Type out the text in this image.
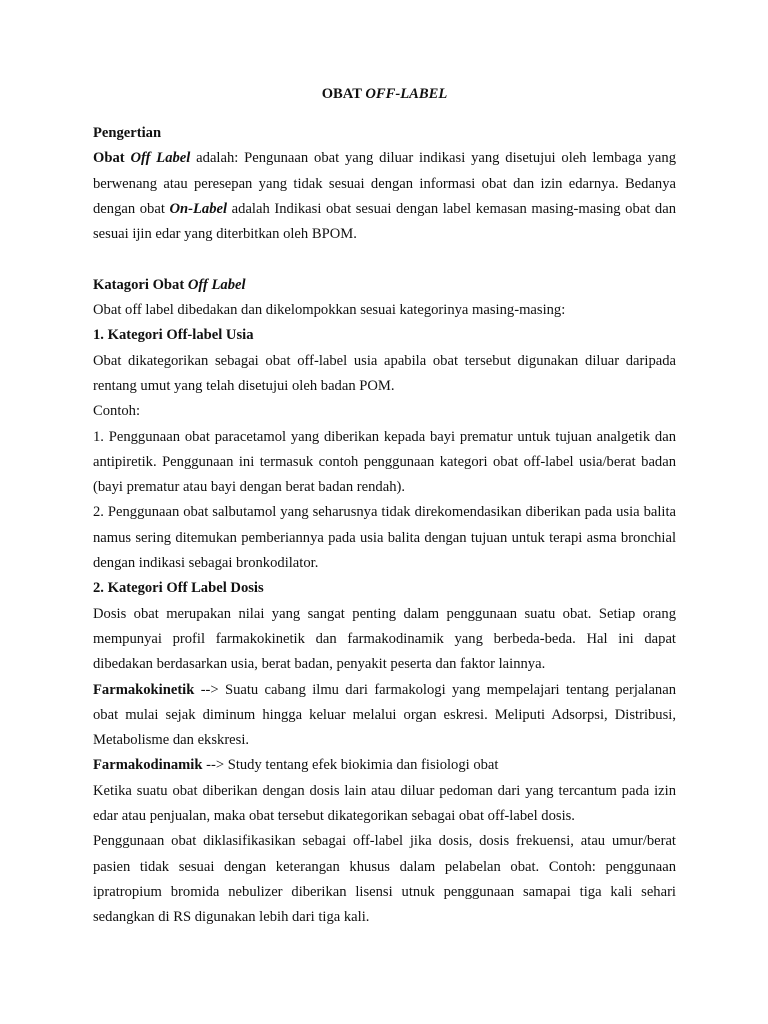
OBAT OFF-LABEL

Pengertian

Obat Off Label adalah: Pengunaan obat yang diluar indikasi yang disetujui oleh lembaga yang berwenang atau peresepan yang tidak sesuai dengan informasi obat dan izin edarnya. Bedanya dengan obat On-Label adalah Indikasi obat sesuai dengan label kemasan masing-masing obat dan sesuai ijin edar yang diterbitkan oleh BPOM.

Katagori Obat Off Label

Obat off label dibedakan dan dikelompokkan sesuai kategorinya masing-masing:

1. Kategori Off-label Usia

Obat dikategorikan sebagai obat off-label usia apabila obat tersebut digunakan diluar daripada rentang umut yang telah disetujui oleh badan POM.

Contoh:

1. Penggunaan obat paracetamol yang diberikan kepada bayi prematur untuk tujuan analgetik dan antipiretik. Penggunaan ini termasuk contoh penggunaan kategori obat off-label usia/berat badan (bayi prematur atau bayi dengan berat badan rendah).

2. Penggunaan obat salbutamol yang seharusnya tidak direkomendasikan diberikan pada usia balita namus sering ditemukan pemberiannya pada usia balita dengan tujuan untuk terapi asma bronchial dengan indikasi sebagai bronkodilator.

2. Kategori Off Label Dosis

Dosis obat merupakan nilai yang sangat penting dalam penggunaan suatu obat. Setiap orang mempunyai profil farmakokinetik dan farmakodinamik yang berbeda-beda. Hal ini dapat dibedakan berdasarkan usia, berat badan, penyakit peserta dan faktor lainnya.

Farmakokinetik --> Suatu cabang ilmu dari farmakologi yang mempelajari tentang perjalanan obat mulai sejak diminum hingga keluar melalui organ eskresi. Meliputi Adsorpsi, Distribusi, Metabolisme dan ekskresi.

Farmakodinamik --> Study tentang efek biokimia dan fisiologi obat

Ketika suatu obat diberikan dengan dosis lain atau diluar pedoman dari yang tercantum pada izin edar atau penjualan, maka obat tersebut dikategorikan sebagai obat off-label dosis.

Penggunaan obat diklasifikasikan sebagai off-label jika dosis, dosis frekuensi, atau umur/berat pasien tidak sesuai dengan keterangan khusus dalam pelabelan obat. Contoh: penggunaan ipratropium bromida nebulizer diberikan lisensi utnuk penggunaan samapai tiga kali sehari sedangkan di RS digunakan lebih dari tiga kali.
